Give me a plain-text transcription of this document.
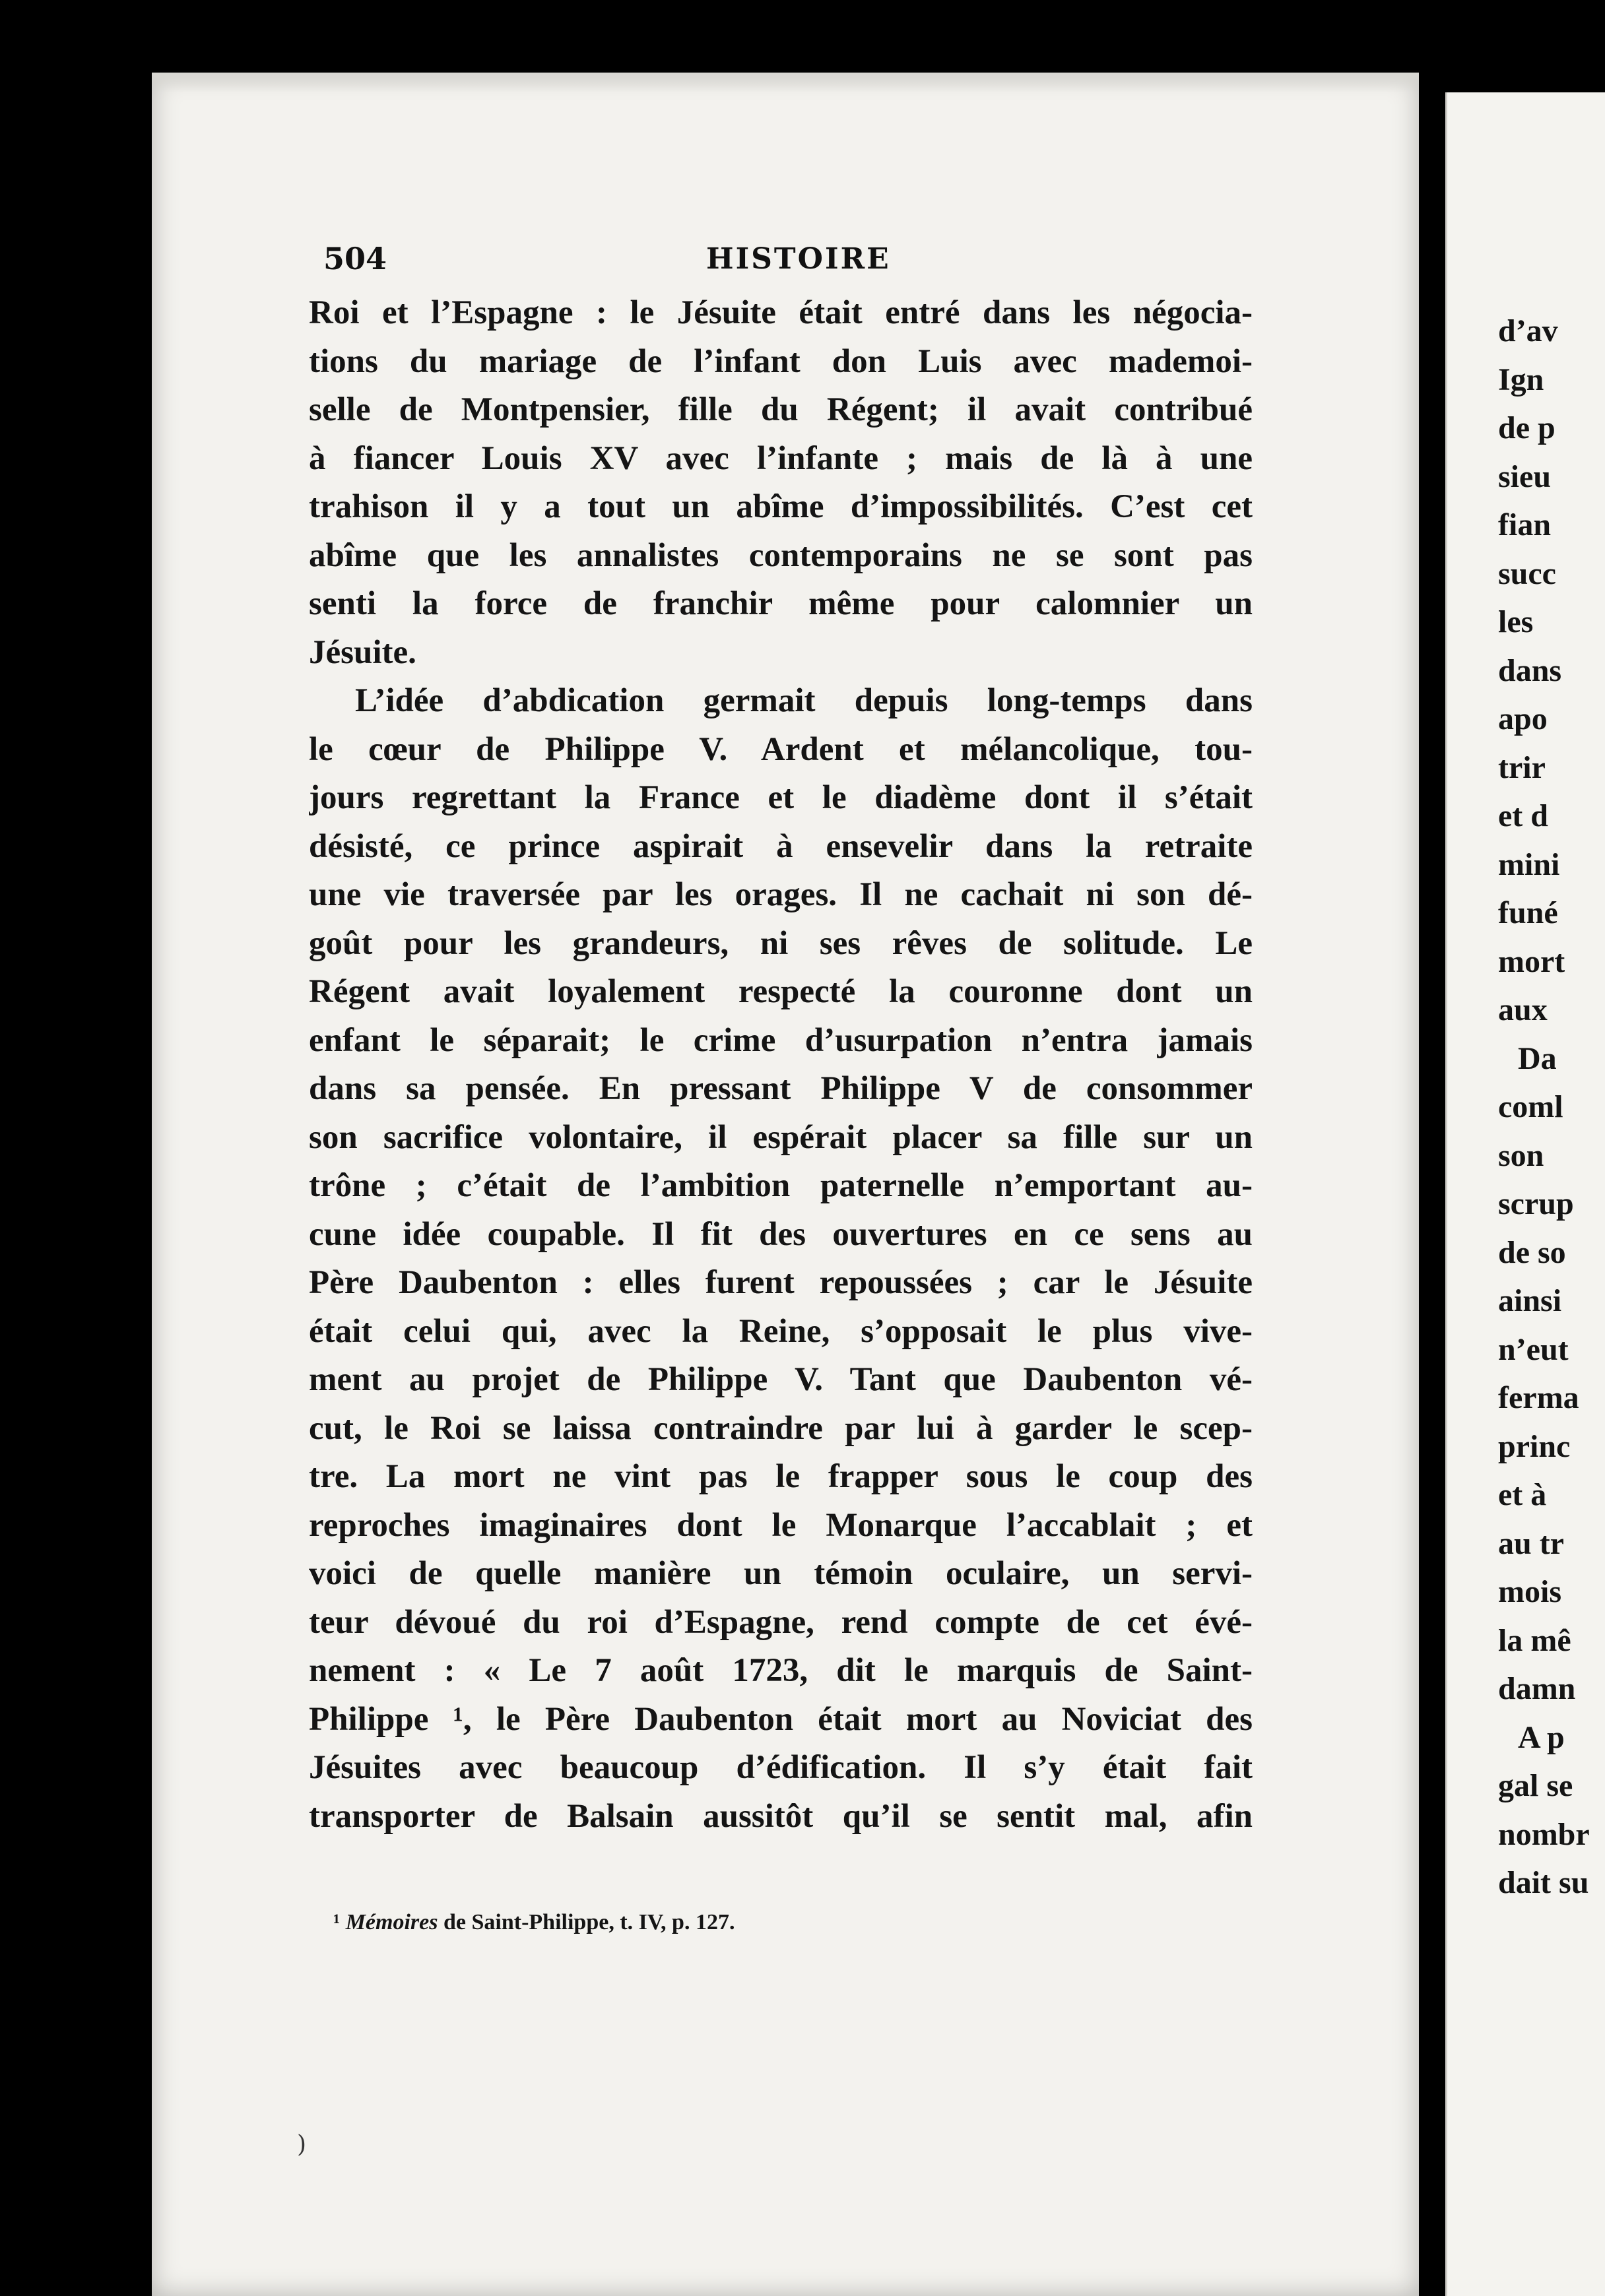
504	HISTOIRE
Roi et l’Espagne : le Jésuite était entré dans les négocia-
tions du mariage de l’infant don Luis avec mademoi-
selle de Montpensier, fille du Régent; il avait contribué
à fiancer Louis XV avec l’infante ; mais de là à une
trahison il y a tout un abîme d’impossibilités. C’est cet
abîme que les annalistes contemporains ne se sont pas
senti la force de franchir même pour calomnier un
Jésuite.
L’idée d’abdication germait depuis long-temps dans
le cœur de Philippe V. Ardent et mélancolique, tou-
jours regrettant la France et le diadème dont il s’était
désisté, ce prince aspirait à ensevelir dans la retraite
une vie traversée par les orages. Il ne cachait ni son dé-
goût pour les grandeurs, ni ses rêves de solitude. Le
Régent avait loyalement respecté la couronne dont un
enfant le séparait; le crime d’usurpation n’entra jamais
dans sa pensée. En pressant Philippe V de consommer
son sacrifice volontaire, il espérait placer sa fille sur un
trône ; c’était de l’ambition paternelle n’emportant au-
cune idée coupable. Il fit des ouvertures en ce sens au
Père Daubenton : elles furent repoussées ; car le Jésuite
était celui qui, avec la Reine, s’opposait le plus vive-
ment au projet de Philippe V. Tant que Daubenton vé-
cut, le Roi se laissa contraindre par lui à garder le scep-
tre. La mort ne vint pas le frapper sous le coup des
reproches imaginaires dont le Monarque l’accablait ; et
voici de quelle manière un témoin oculaire, un servi-
teur dévoué du roi d’Espagne, rend compte de cet évé-
nement : « Le 7 août 1723, dit le marquis de Saint-
Philippe ¹, le Père Daubenton était mort au Noviciat des
Jésuites avec beaucoup d’édification. Il s’y était fait
transporter de Balsain aussitôt qu’il se sentit mal, afin
¹ Mémoires de Saint-Philippe, t. IV, p. 127.
)
d’av
Ign
de p
sieu
fian
succ
les
dans
apo
trir
et d
mini
funé
mort
aux
Da
coml
son
scrup
de so
ainsi
n’eut
ferma
princ
et à
au tr
mois
la mê
damn
A p
gal se
nombr
dait su
